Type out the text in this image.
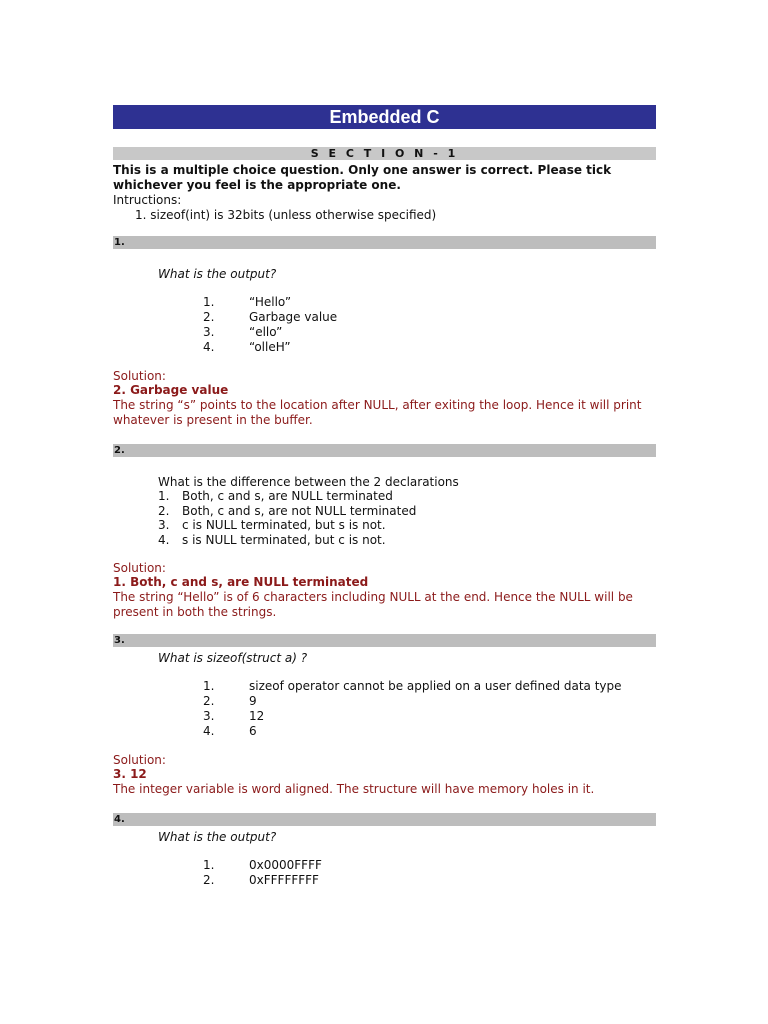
Embedded C
S E C T I O N - 1
This is a multiple choice question. Only one answer is correct. Please tick whichever you feel is the appropriate one.
Intructions:
1. sizeof(int) is 32bits (unless otherwise specified)
1.
What is the output?
1.	“Hello”
2.	Garbage value
3.	“ello”
4.	“olleH”
Solution:
2. Garbage value
The string “s” points to the location after NULL, after exiting the loop. Hence it will print whatever is present in the buffer.
2.
What is the difference between the 2 declarations
1.	Both, c and s, are NULL terminated
2.	Both, c and s, are not NULL terminated
3.	c is NULL terminated, but s is not.
4.	s is NULL terminated, but c is not.
Solution:
1. Both, c and s, are NULL terminated
The string “Hello” is of 6 characters including NULL at the end. Hence the NULL will be present in both the strings.
3.
What is sizeof(struct a) ?
1.	sizeof operator cannot be applied on a user defined data type
2.	9
3.	12
4.	6
Solution:
3. 12
The integer variable is word aligned. The structure will have memory holes in it.
4.
What is the output?
1.	0x0000FFFF
2.	0xFFFFFFFF
